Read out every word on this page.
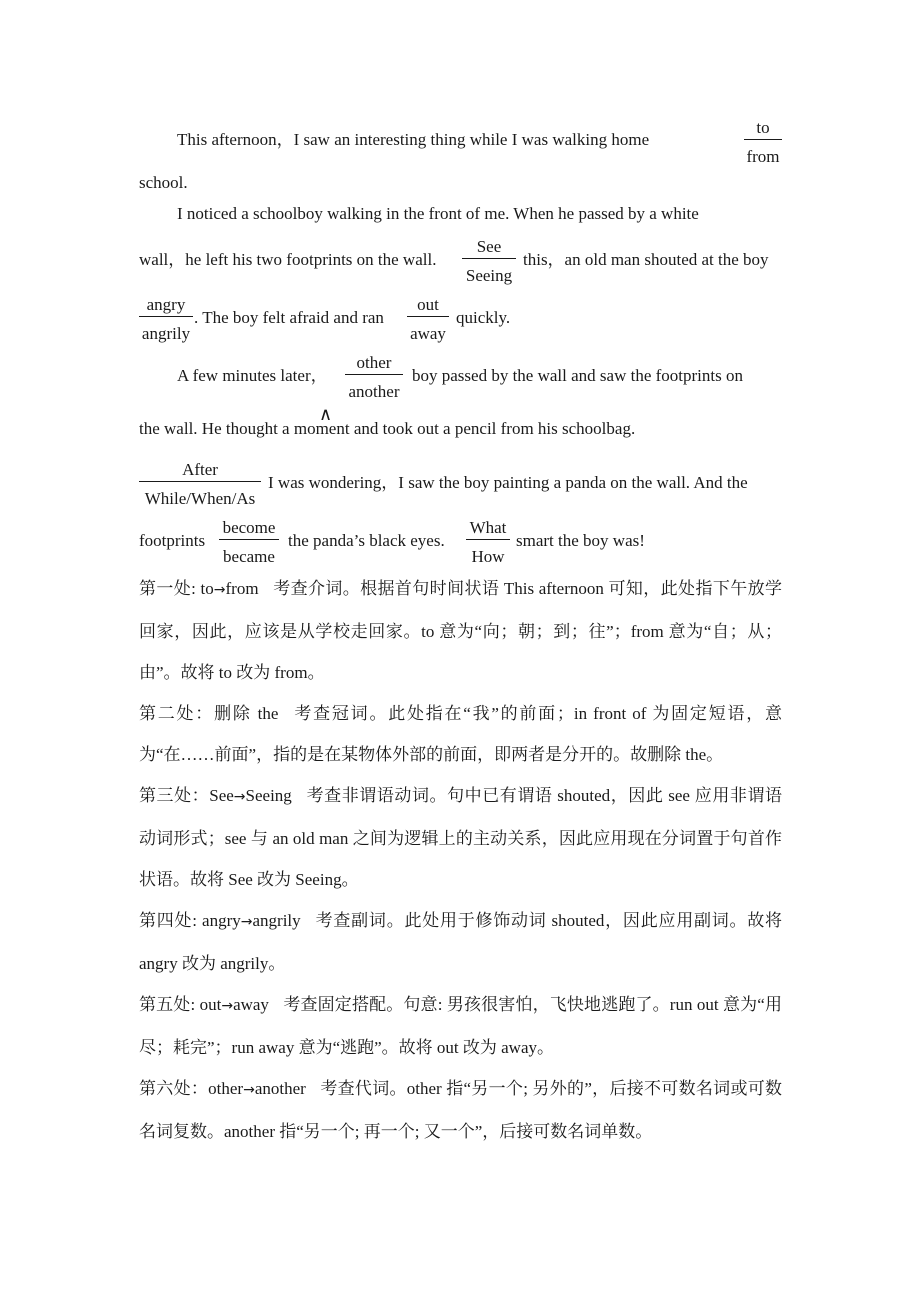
This afternoon，I saw an interesting thing while I was walking home
to
from
school.
I noticed a schoolboy walking in the front of me. When he passed by a white
wall，he left his two footprints on the wall.
See
Seeing
this，an old man shouted at the boy
angry
angrily
. The boy felt afraid and ran
out
away
quickly.
A few minutes later，
other
another
boy passed by the wall and saw the footprints on
the wall. He thought a moment and took out a pencil from his schoolbag.
∧
After
While/When/As
I was wondering，I saw the boy painting a panda on the wall. And the
footprints
become
became
the panda’s black eyes.
What
How
smart the boy was!

第一处: to→from 考查介词。根据首句时间状语 This afternoon 可知，此处指下午放学回家，因此，应该是从学校走回家。to 意为“向；朝；到；往”；from 意为“自；从；由”。故将 to 改为 from。

第二处：删除 the 考查冠词。此处指在“我”的前面；in front of 为固定短语，意为“在……前面”，指的是在某物体外部的前面，即两者是分开的。故删除 the。

第三处：See→Seeing 考查非谓语动词。句中已有谓语 shouted，因此 see 应用非谓语动词形式；see 与 an old man 之间为逻辑上的主动关系，因此应用现在分词置于句首作状语。故将 See 改为 Seeing。

第四处: angry→angrily 考查副词。此处用于修饰动词 shouted，因此应用副词。故将 angry 改为 angrily。

第五处: out→away 考查固定搭配。句意: 男孩很害怕，飞快地逃跑了。run out 意为“用尽；耗完”；run away 意为“逃跑”。故将 out 改为 away。

第六处：other→another 考查代词。other 指“另一个; 另外的”，后接不可数名词或可数名词复数。another 指“另一个; 再一个; 又一个”，后接可数名词单数。
